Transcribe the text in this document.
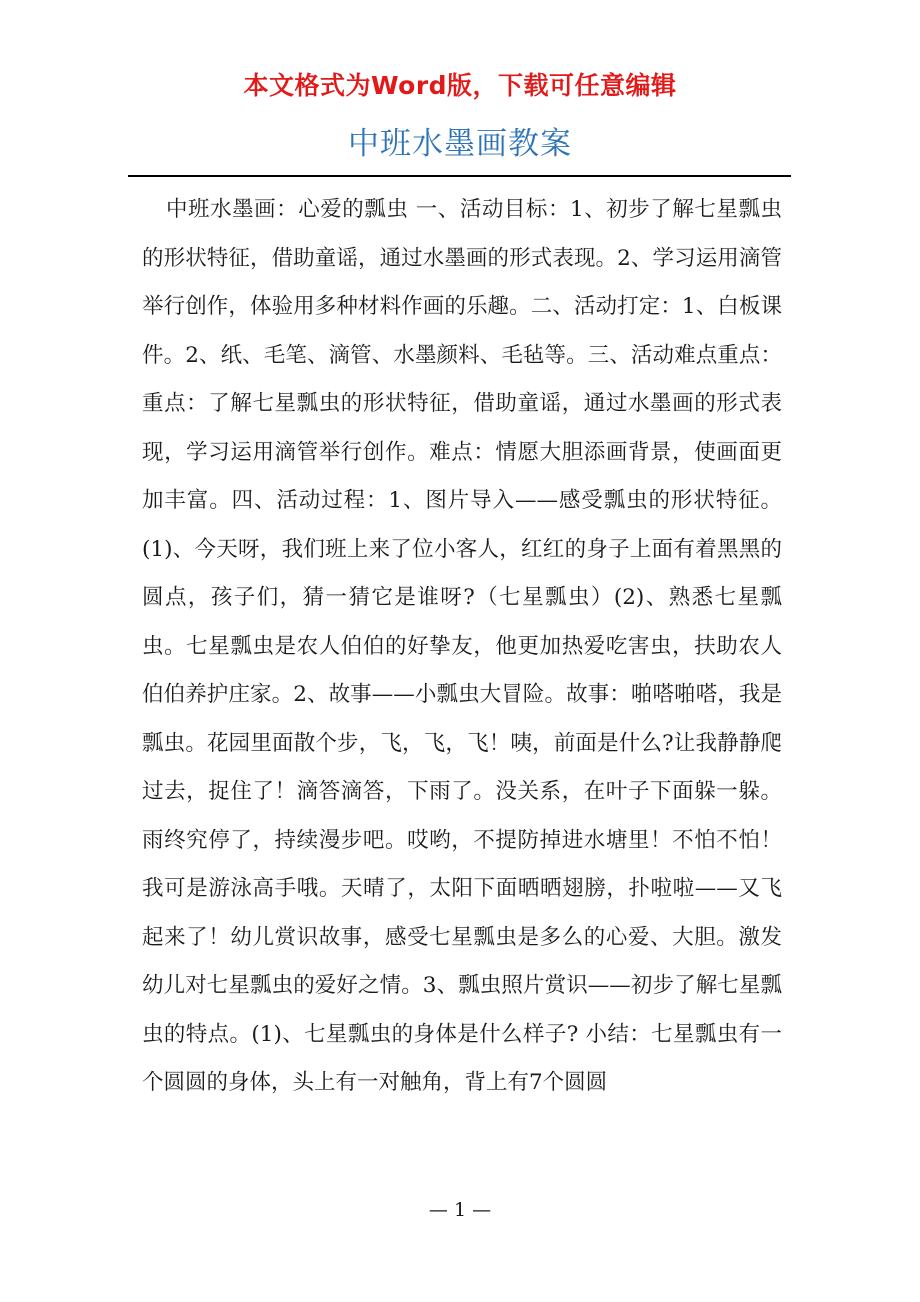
本文格式为Word版，下载可任意编辑
中班水墨画教案

中班水墨画：心爱的瓢虫 一、活动目标：1、初步了解七星瓢虫的形状特征，借助童谣，通过水墨画的形式表现。2、学习运用滴管举行创作，体验用多种材料作画的乐趣。二、活动打定：1、白板课件。2、纸、毛笔、滴管、水墨颜料、毛毡等。三、活动难点重点：重点：了解七星瓢虫的形状特征，借助童谣，通过水墨画的形式表现，学习运用滴管举行创作。难点：情愿大胆添画背景，使画面更加丰富。四、活动过程：1、图片导入——感受瓢虫的形状特征。(1)、今天呀，我们班上来了位小客人，红红的身子上面有着黑黑的圆点，孩子们，猜一猜它是谁呀?（七星瓢虫）(2)、熟悉七星瓢虫。七星瓢虫是农人伯伯的好挚友，他更加热爱吃害虫，扶助农人伯伯养护庄家。2、故事——小瓢虫大冒险。故事：啪嗒啪嗒，我是瓢虫。花园里面散个步，飞，飞，飞！咦，前面是什么?让我静静爬过去，捉住了！滴答滴答，下雨了。没关系，在叶子下面躲一躲。雨终究停了，持续漫步吧。哎哟，不提防掉进水塘里！不怕不怕！我可是游泳高手哦。天晴了，太阳下面晒晒翅膀，扑啦啦——又飞起来了！幼儿赏识故事，感受七星瓢虫是多么的心爱、大胆。激发幼儿对七星瓢虫的爱好之情。3、瓢虫照片赏识——初步了解七星瓢虫的特点。(1)、七星瓢虫的身体是什么样子? 小结：七星瓢虫有一个圆圆的身体，头上有一对触角，背上有7个圆圆

— 1 —
